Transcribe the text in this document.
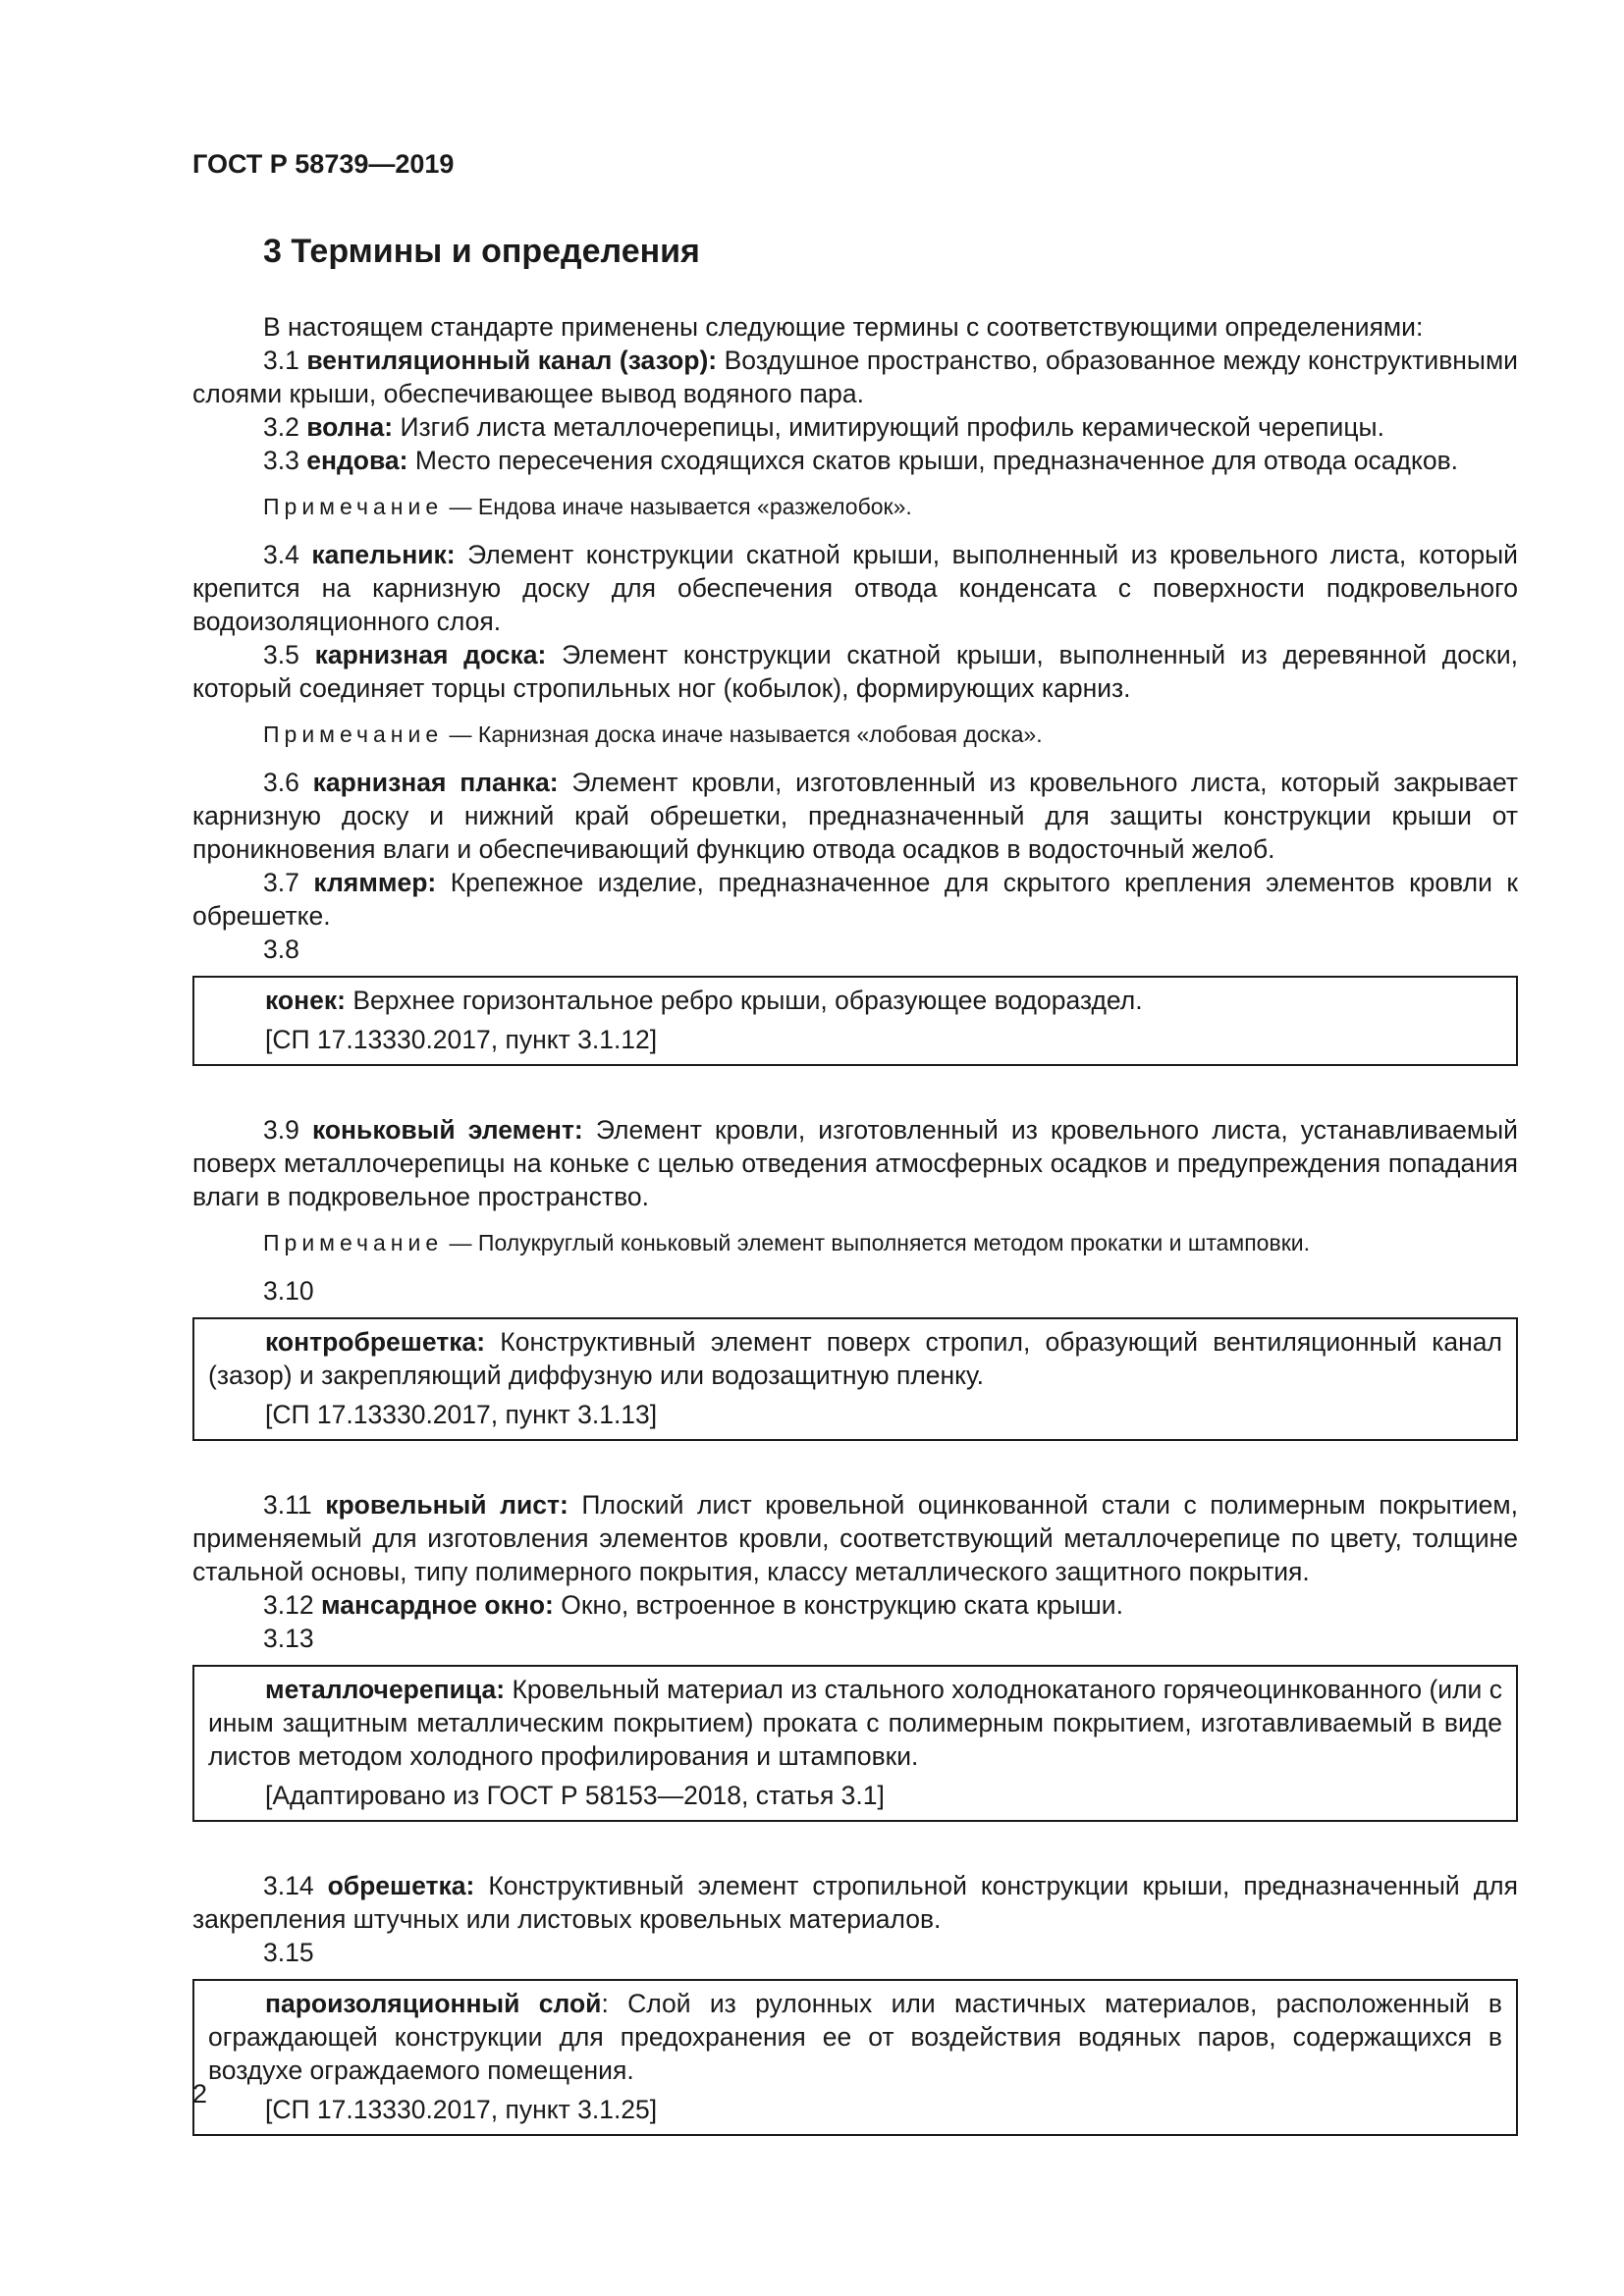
ГОСТ Р 58739—2019
3 Термины и определения

В настоящем стандарте применены следующие термины с соответствующими определениями:

3.1 вентиляционный канал (зазор): Воздушное пространство, образованное между конструктивными слоями крыши, обеспечивающее вывод водяного пара.

3.2 волна: Изгиб листа металлочерепицы, имитирующий профиль керамической черепицы.

3.3 ендова: Место пересечения сходящихся скатов крыши, предназначенное для отвода осадков.

Примечание — Ендова иначе называется «разжелобок».

3.4 капельник: Элемент конструкции скатной крыши, выполненный из кровельного листа, который крепится на карнизную доску для обеспечения отвода конденсата с поверхности подкровельного водоизоляционного слоя.

3.5 карнизная доска: Элемент конструкции скатной крыши, выполненный из деревянной доски, который соединяет торцы стропильных ног (кобылок), формирующих карниз.

Примечание — Карнизная доска иначе называется «лобовая доска».

3.6 карнизная планка: Элемент кровли, изготовленный из кровельного листа, который закрывает карнизную доску и нижний край обрешетки, предназначенный для защиты конструкции крыши от проникновения влаги и обеспечивающий функцию отвода осадков в водосточный желоб.

3.7 кляммер: Крепежное изделие, предназначенное для скрытого крепления элементов кровли к обрешетке.

3.8

конек: Верхнее горизонтальное ребро крыши, образующее водораздел.

[СП 17.13330.2017, пункт 3.1.12]

3.9 коньковый элемент: Элемент кровли, изготовленный из кровельного листа, устанавливаемый поверх металлочерепицы на коньке с целью отведения атмосферных осадков и предупреждения попадания влаги в подкровельное пространство.

Примечание — Полукруглый коньковый элемент выполняется методом прокатки и штамповки.
3.10

контробрешетка: Конструктивный элемент поверх стропил, образующий вентиляционный канал (зазор) и закрепляющий диффузную или водозащитную пленку.

[СП 17.13330.2017, пункт 3.1.13]

3.11 кровельный лист: Плоский лист кровельной оцинкованной стали с полимерным покрытием, применяемый для изготовления элементов кровли, соответствующий металлочерепице по цвету, толщине стальной основы, типу полимерного покрытия, классу металлического защитного покрытия.

3.12 мансардное окно: Окно, встроенное в конструкцию ската крыши.

3.13

металлочерепица: Кровельный материал из стального холоднокатаного горячеоцинкованного (или с иным защитным металлическим покрытием) проката с полимерным покрытием, изготавливаемый в виде листов методом холодного профилирования и штамповки.

[Адаптировано из ГОСТ Р 58153—2018, статья 3.1]

3.14 обрешетка: Конструктивный элемент стропильной конструкции крыши, предназначенный для закрепления штучных или листовых кровельных материалов.

3.15

пароизоляционный слой: Слой из рулонных или мастичных материалов, расположенный в ограждающей конструкции для предохранения ее от воздействия водяных паров, содержащихся в воздухе ограждаемого помещения.

[СП 17.13330.2017, пункт 3.1.25]
2
